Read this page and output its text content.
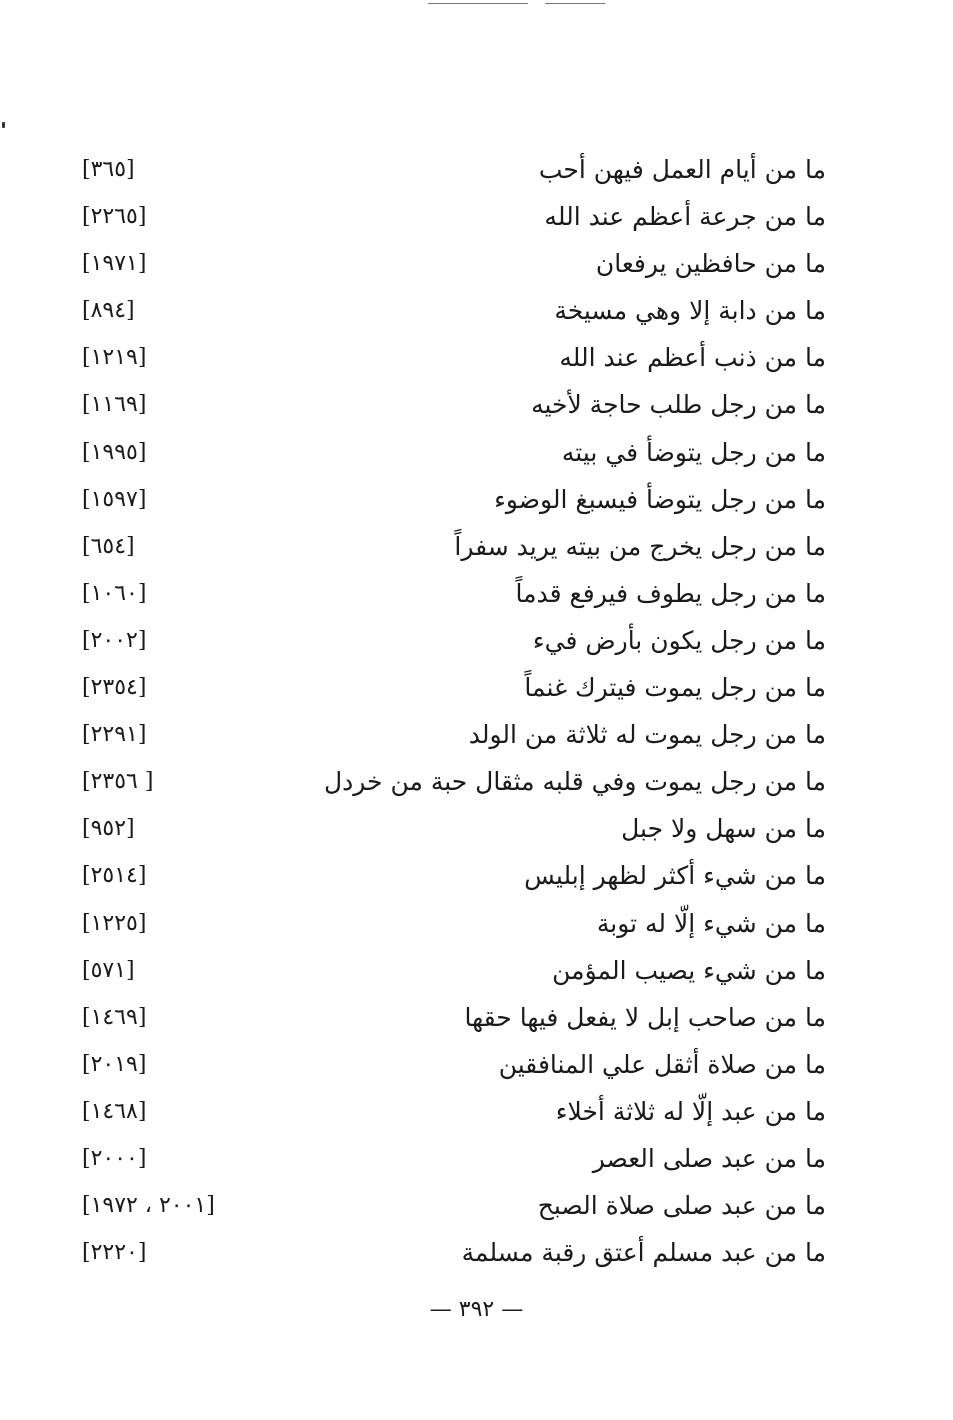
ما من أيام العمل فيهن أحب
[٣٦٥]
ما من جرعة أعظم عند الله
[٢٢٦٥]
ما من حافظين يرفعان
[١٩٧١]
ما من دابة إلا وهي مسيخة
[٨٩٤]
ما من ذنب أعظم عند الله
[١٢١٩]
ما من رجل طلب حاجة لأخيه
[١١٦٩]
ما من رجل يتوضأ في بيته
[١٩٩٥]
ما من رجل يتوضأ فيسبغ الوضوء
[١٥٩٧]
ما من رجل يخرج من بيته يريد سفراً
[٦٥٤]
ما من رجل يطوف فيرفع قدماً
[١٠٦٠]
ما من رجل يكون بأرض فيء
[٢٠٠٢]
ما من رجل يموت فيترك غنماً
[٢٣٥٤]
ما من رجل يموت له ثلاثة من الولد
[٢٢٩١]
ما من رجل يموت وفي قلبه مثقال حبة من خردل
[ ٢٣٥٦]
ما من سهل ولا جبل
[٩٥٢]
ما من شيء أكثر لظهر إبليس
[٢٥١٤]
ما من شيء إلّا له توبة
[١٢٢٥]
ما من شيء يصيب المؤمن
[٥٧١]
ما من صاحب إبل لا يفعل فيها حقها
[١٤٦٩]
ما من صلاة أثقل علي المنافقين
[٢٠١٩]
ما من عبد إلّا له ثلاثة أخلاء
[١٤٦٨]
ما من عبد صلى العصر
[٢٠٠٠]
ما من عبد صلى صلاة الصبح
[٢٠٠١ ، ١٩٧٢]
ما من عبد مسلم أعتق رقبة مسلمة
[٢٢٢٠]
— ٣٩٢ —
